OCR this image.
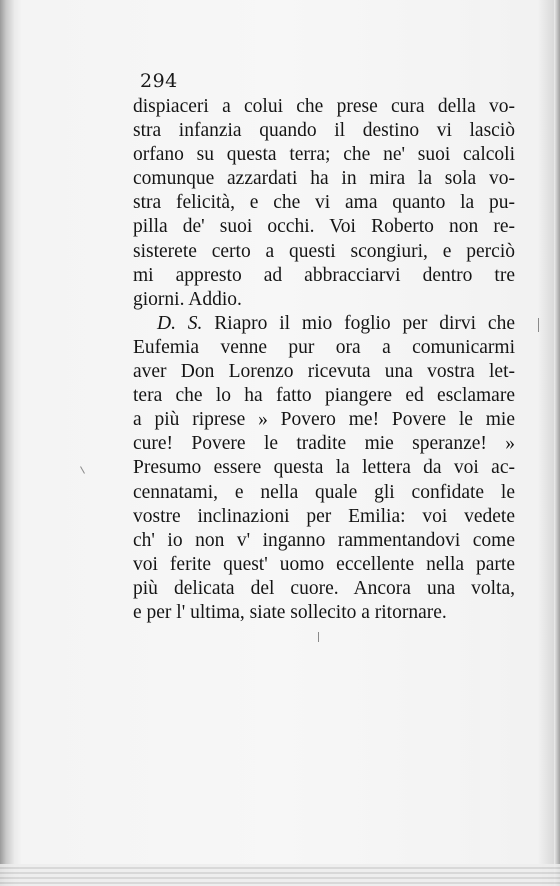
294
dispiaceri a colui che prese cura della vo-
stra infanzia quando il destino vi lasciò
orfano su questa terra; che ne' suoi calcoli
comunque azzardati ha in mira la sola vo-
stra felicità, e che vi ama quanto la pu-
pilla de' suoi occhi. Voi Roberto non re-
sisterete certo a questi scongiuri, e perciò
mi appresto ad abbracciarvi dentro tre
giorni. Addio.
D. S. Riapro il mio foglio per dirvi che
Eufemia venne pur ora a comunicarmi
aver Don Lorenzo ricevuta una vostra let-
tera che lo ha fatto piangere ed esclamare
a più riprese » Povero me! Povere le mie
cure! Povere le tradite mie speranze! »
Presumo essere questa la lettera da voi ac-
cennatami, e nella quale gli confidate le
vostre inclinazioni per Emilia: voi vedete
ch' io non v' inganno rammentandovi come
voi ferite quest' uomo eccellente nella parte
più delicata del cuore. Ancora una volta,
e per l' ultima, siate sollecito a ritornare.
